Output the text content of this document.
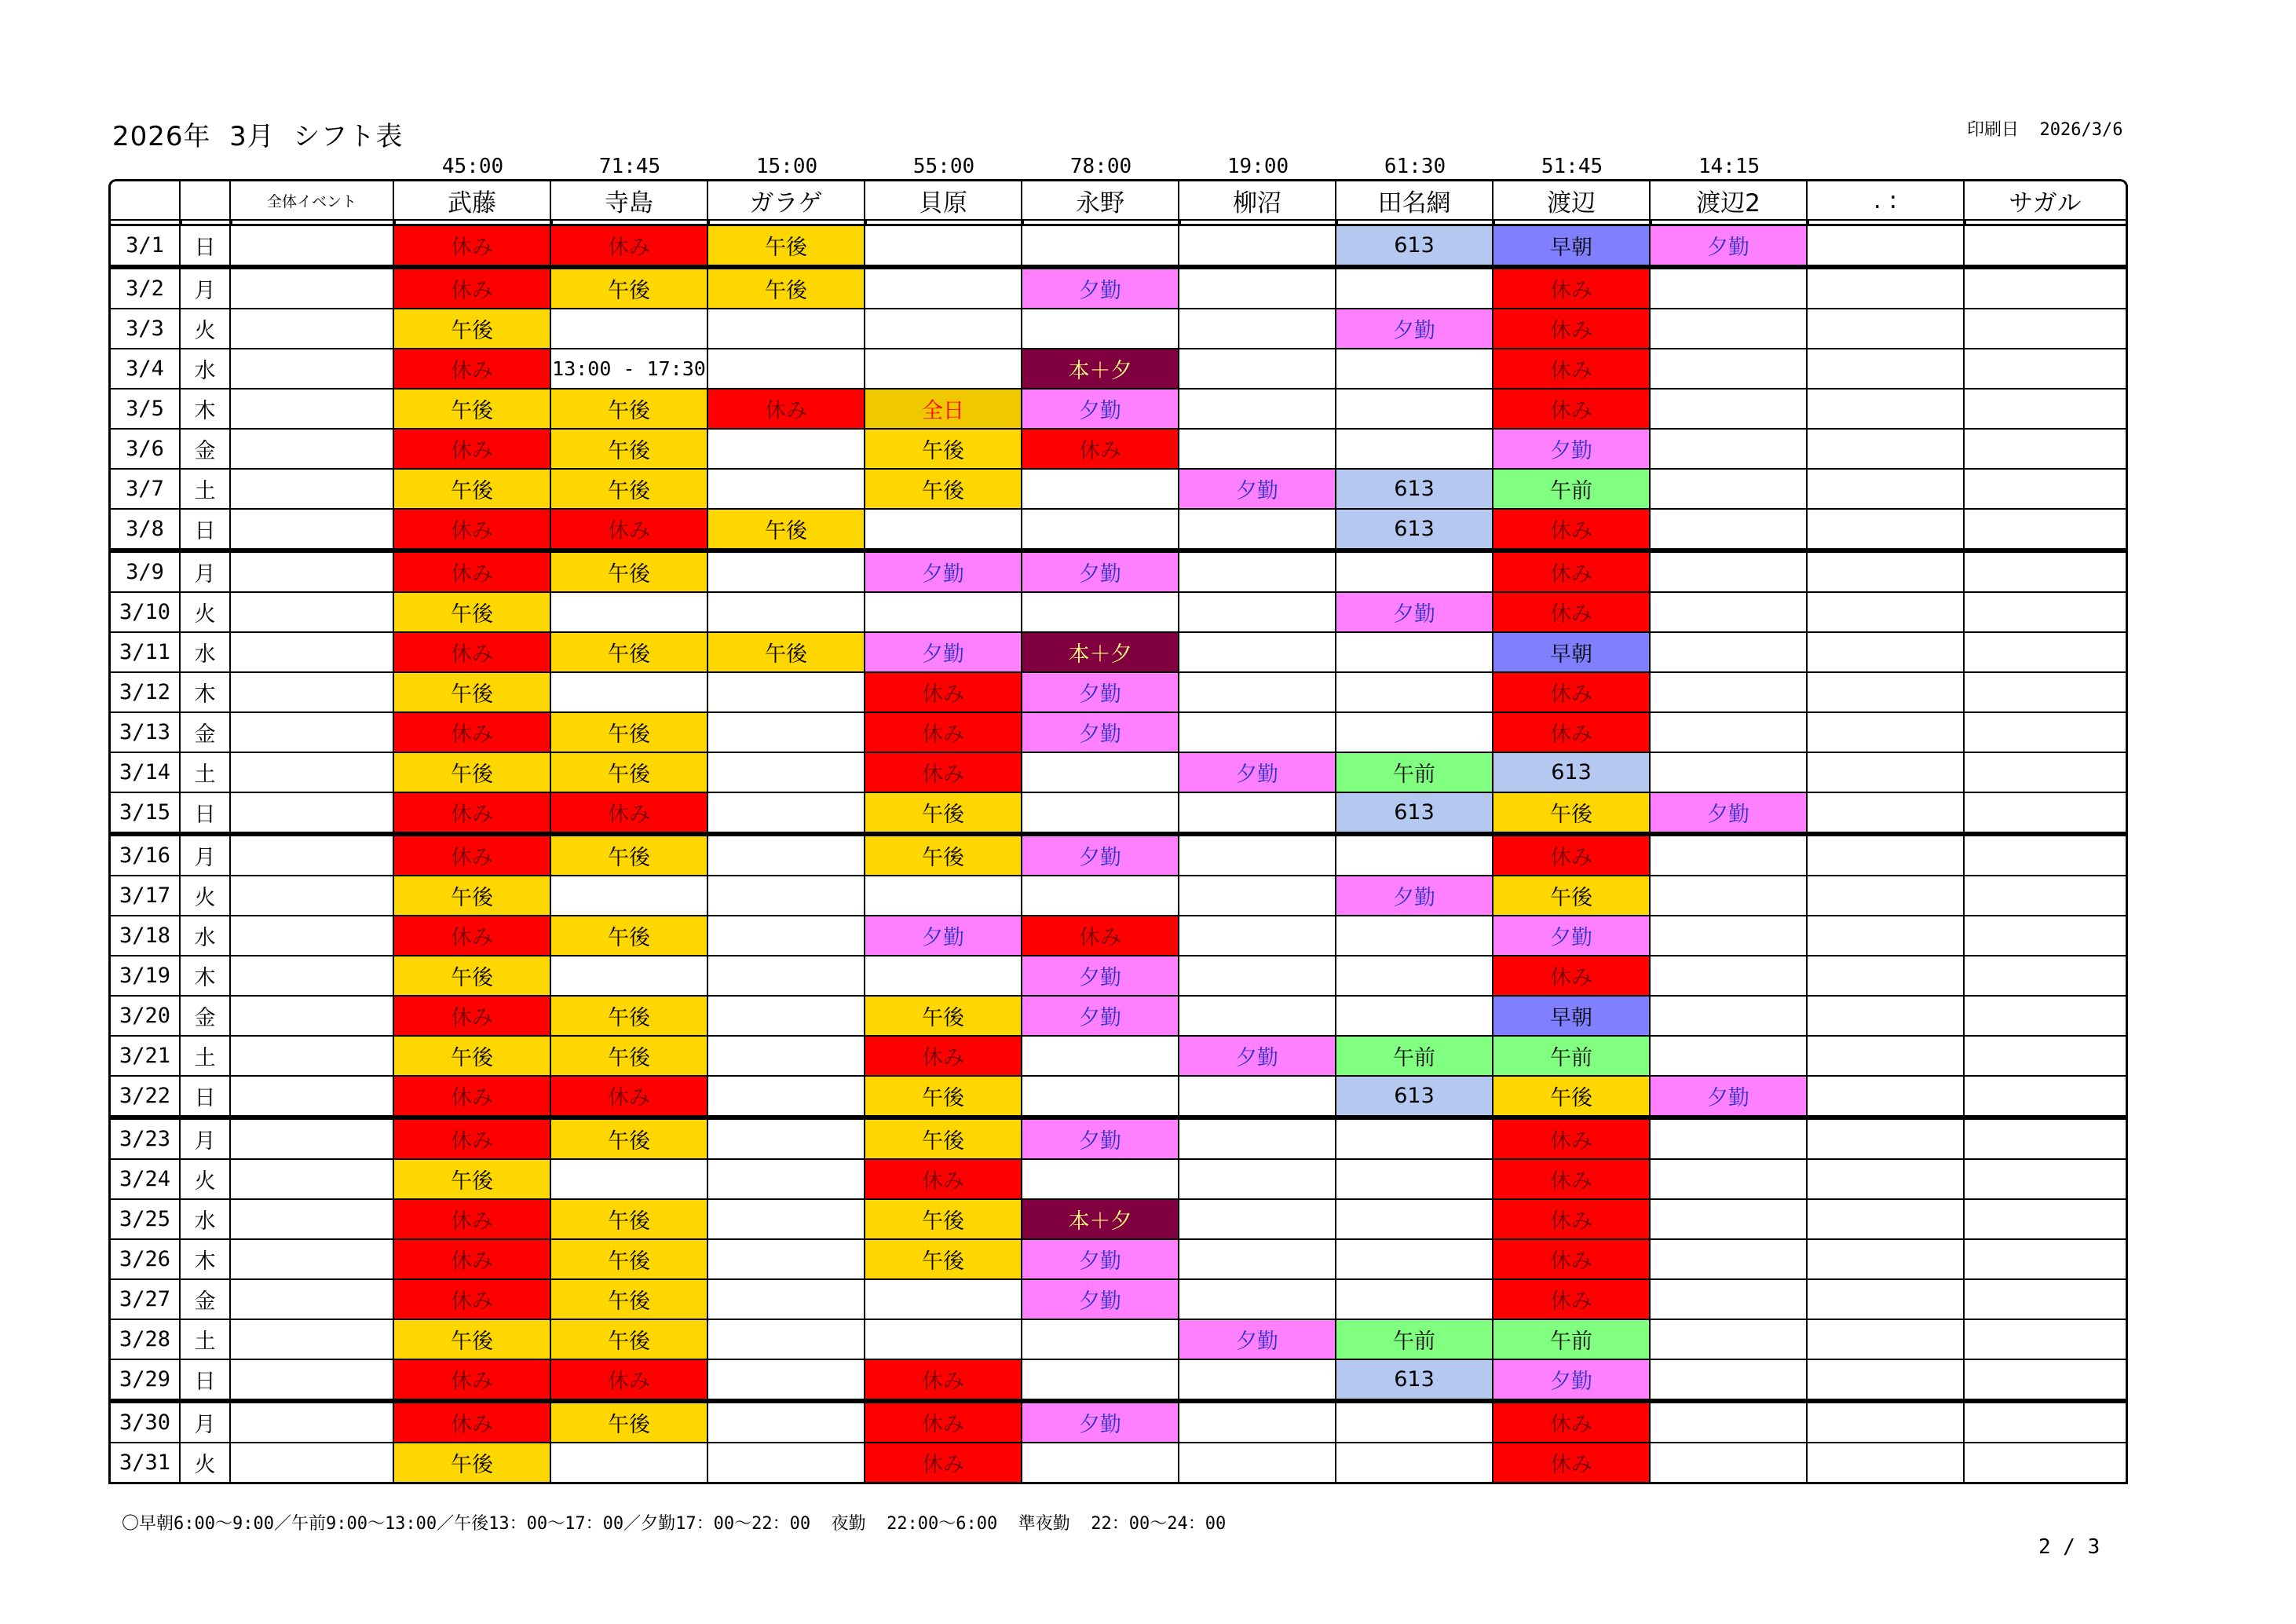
2026年  3月  シフト表	印刷日  2026/3/6
			45:00	71:45	15:00	55:00	78:00	19:00	61:30	51:45	14:15		
		全体イベント	武藤	寺島	ガラゲ	貝原	永野	柳沼	田名網	渡辺	渡辺2	. :	サガル

3/1	日		休み	休み	午後				613	早朝	夕勤		
3/2	月		休み	午後	午後		夕勤			休み			
3/3	火		午後						夕勤	休み			
3/4	水		休み	13:00 - 17:30			本＋夕			休み			
3/5	木		午後	午後	休み	全日	夕勤			休み			
3/6	金		休み	午後		午後	休み			夕勤			
3/7	土		午後	午後		午後		夕勤	613	午前			
3/8	日		休み	休み	午後				613	休み			
3/9	月		休み	午後		夕勤	夕勤			休み			
3/10	火		午後						夕勤	休み			
3/11	水		休み	午後	午後	夕勤	本＋夕			早朝			
3/12	木		午後			休み	夕勤			休み			
3/13	金		休み	午後		休み	夕勤			休み			
3/14	土		午後	午後		休み		夕勤	午前	613			
3/15	日		休み	休み		午後			613	午後	夕勤		
3/16	月		休み	午後		午後	夕勤			休み			
3/17	火		午後						夕勤	午後			
3/18	水		休み	午後		夕勤	休み			夕勤			
3/19	木		午後				夕勤			休み			
3/20	金		休み	午後		午後	夕勤			早朝			
3/21	土		午後	午後		休み		夕勤	午前	午前			
3/22	日		休み	休み		午後			613	午後	夕勤		
3/23	月		休み	午後		午後	夕勤			休み			
3/24	火		午後			休み				休み			
3/25	水		休み	午後		午後	本＋夕			休み			
3/26	木		休み	午後		午後	夕勤			休み			
3/27	金		休み	午後			夕勤			休み			
3/28	土		午後	午後				夕勤	午前	午前			
3/29	日		休み	休み		休み			613	夕勤			
3/30	月		休み	午後		休み	夕勤			休み			
3/31	火		午後			休み				休み			
〇早朝6:00〜9:00／午前9:00〜13:00／午後13：00〜17：00／夕勤17：00〜22：00  夜勤  22:00〜6:00  準夜勤  22：00〜24：00
2 / 3
